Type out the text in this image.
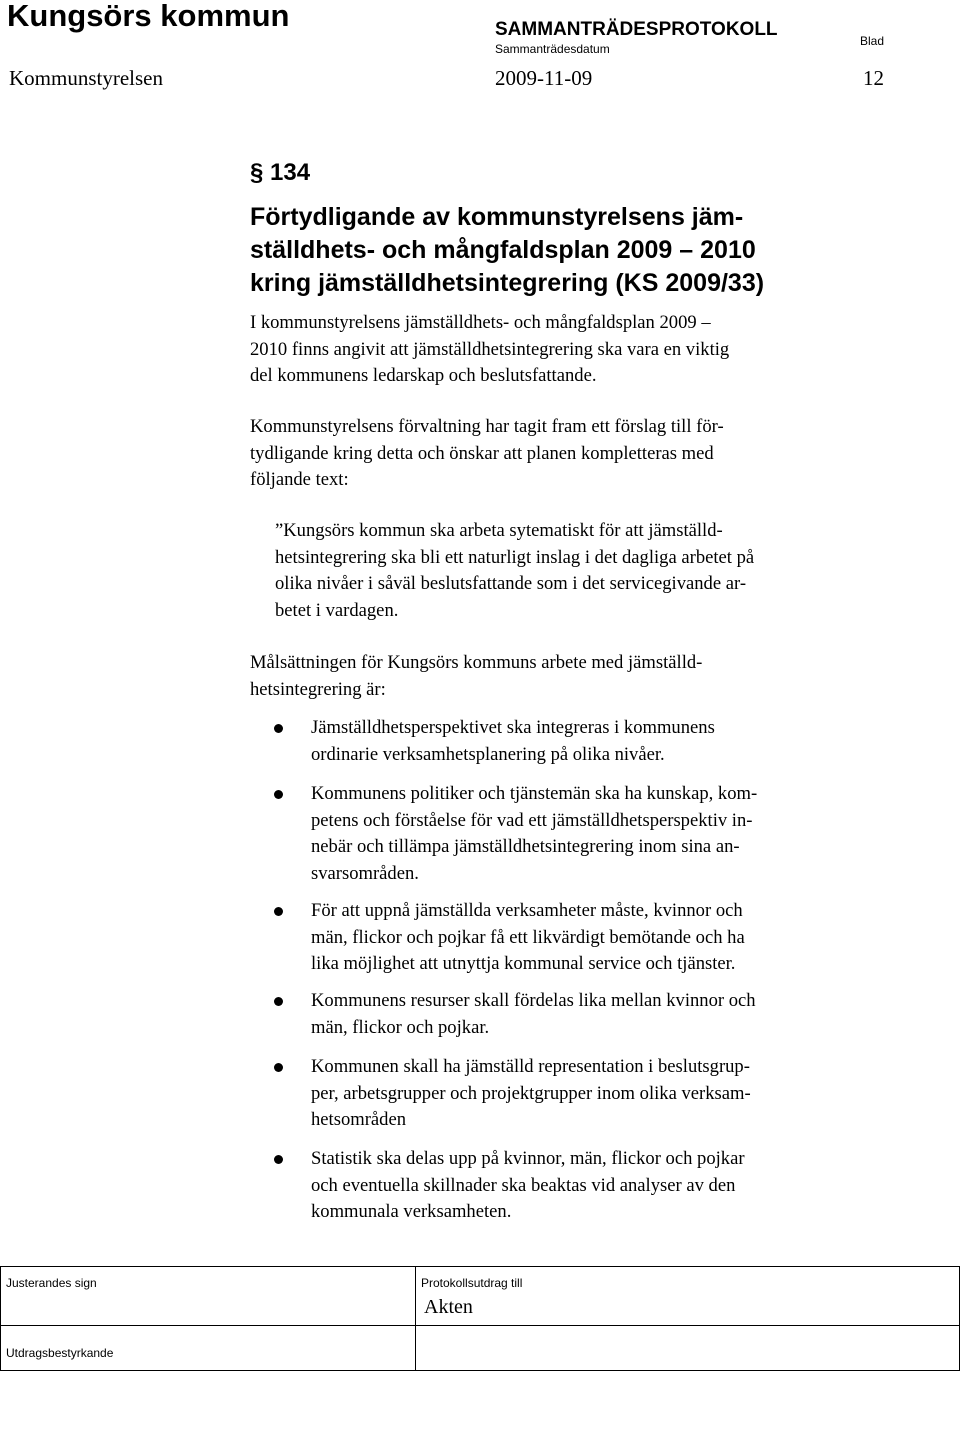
Kungsörs kommun	SAMMANTRÄDESPROTOKOLL
Sammanträdesdatum
Blad
Kommunstyrelsen	2009-11-09	12
§ 134
Förtydligande av kommunstyrelsens jäm-
ställdhets- och mångfaldsplan 2009 – 2010
kring jämställdhetsintegrering (KS 2009/33)
I kommunstyrelsens jämställdhets- och mångfaldsplan 2009 –
2010 finns angivit att jämställdhetsintegrering ska vara en viktig
del kommunens ledarskap och beslutsfattande.
Kommunstyrelsens förvaltning har tagit fram ett förslag till för-
tydligande kring detta och önskar att planen kompletteras med
följande text:
”Kungsörs kommun ska arbeta sytematiskt för att jämställd-
hetsintegrering ska bli ett naturligt inslag i det dagliga arbetet på
olika nivåer i såväl beslutsfattande som i det servicegivande ar-
betet i vardagen.
Målsättningen för Kungsörs kommuns arbete med jämställd-
hetsintegrering är:
Jämställdhetsperspektivet ska integreras i kommunens
ordinarie verksamhetsplanering på olika nivåer.
Kommunens politiker och tjänstemän ska ha kunskap, kom-
petens och förståelse för vad ett jämställdhetsperspektiv in-
nebär och tillämpa jämställdhetsintegrering inom sina an-
svarsområden.
För att uppnå jämställda verksamheter måste, kvinnor och
män, flickor och pojkar få ett likvärdigt bemötande och ha
lika möjlighet att utnyttja kommunal service och tjänster.
Kommunens resurser skall fördelas lika mellan kvinnor och
män, flickor och pojkar.
Kommunen skall ha jämställd representation i beslutsgrup-
per, arbetsgrupper och projektgrupper inom olika verksam-
hetsområden
Statistik ska delas upp på kvinnor, män, flickor och pojkar
och eventuella skillnader ska beaktas vid analyser av den
kommunala verksamheten.
Justerandes sign	Protokollsutdrag till
Akten
Utdragsbestyrkande
